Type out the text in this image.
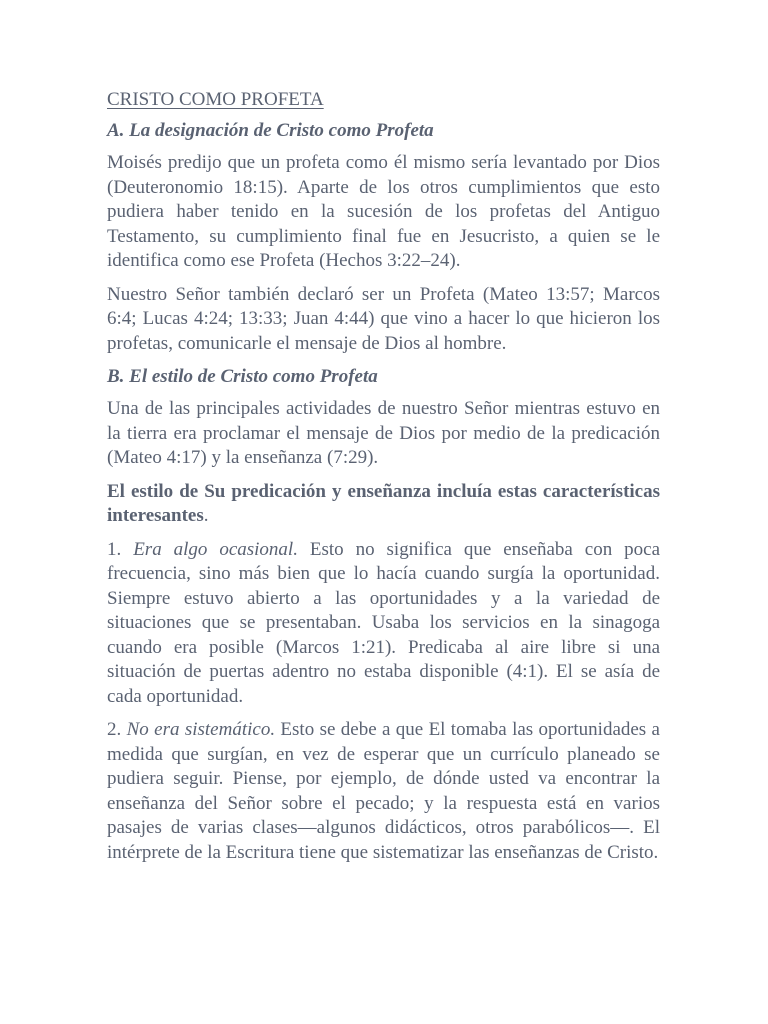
CRISTO COMO PROFETA
A. La designación de Cristo como Profeta

Moisés predijo que un profeta como él mismo sería levantado por Dios (Deuteronomio 18:15). Aparte de los otros cumplimientos que esto pudiera haber tenido en la sucesión de los profetas del Antiguo Testamento, su cumplimiento final fue en Jesucristo, a quien se le identifica como ese Profeta (Hechos 3:22–24).

Nuestro Señor también declaró ser un Profeta (Mateo 13:57; Marcos 6:4; Lucas 4:24; 13:33; Juan 4:44) que vino a hacer lo que hicieron los profetas, comunicarle el mensaje de Dios al hombre.

B. El estilo de Cristo como Profeta

Una de las principales actividades de nuestro Señor mientras estuvo en la tierra era proclamar el mensaje de Dios por medio de la predicación (Mateo 4:17) y la enseñanza (7:29).

El estilo de Su predicación y enseñanza incluía estas características interesantes.

1. Era algo ocasional. Esto no significa que enseñaba con poca frecuencia, sino más bien que lo hacía cuando surgía la oportunidad. Siempre estuvo abierto a las oportunidades y a la variedad de situaciones que se presentaban. Usaba los servicios en la sinagoga cuando era posible (Marcos 1:21). Predicaba al aire libre si una situación de puertas adentro no estaba disponible (4:1). El se asía de cada oportunidad.

2. No era sistemático. Esto se debe a que El tomaba las oportunidades a medida que surgían, en vez de esperar que un currículo planeado se pudiera seguir. Piense, por ejemplo, de dónde usted va encontrar la enseñanza del Señor sobre el pecado; y la respuesta está en varios pasajes de varias clases—algunos didácticos, otros parabólicos—. El intérprete de la Escritura tiene que sistematizar las enseñanzas de Cristo.
